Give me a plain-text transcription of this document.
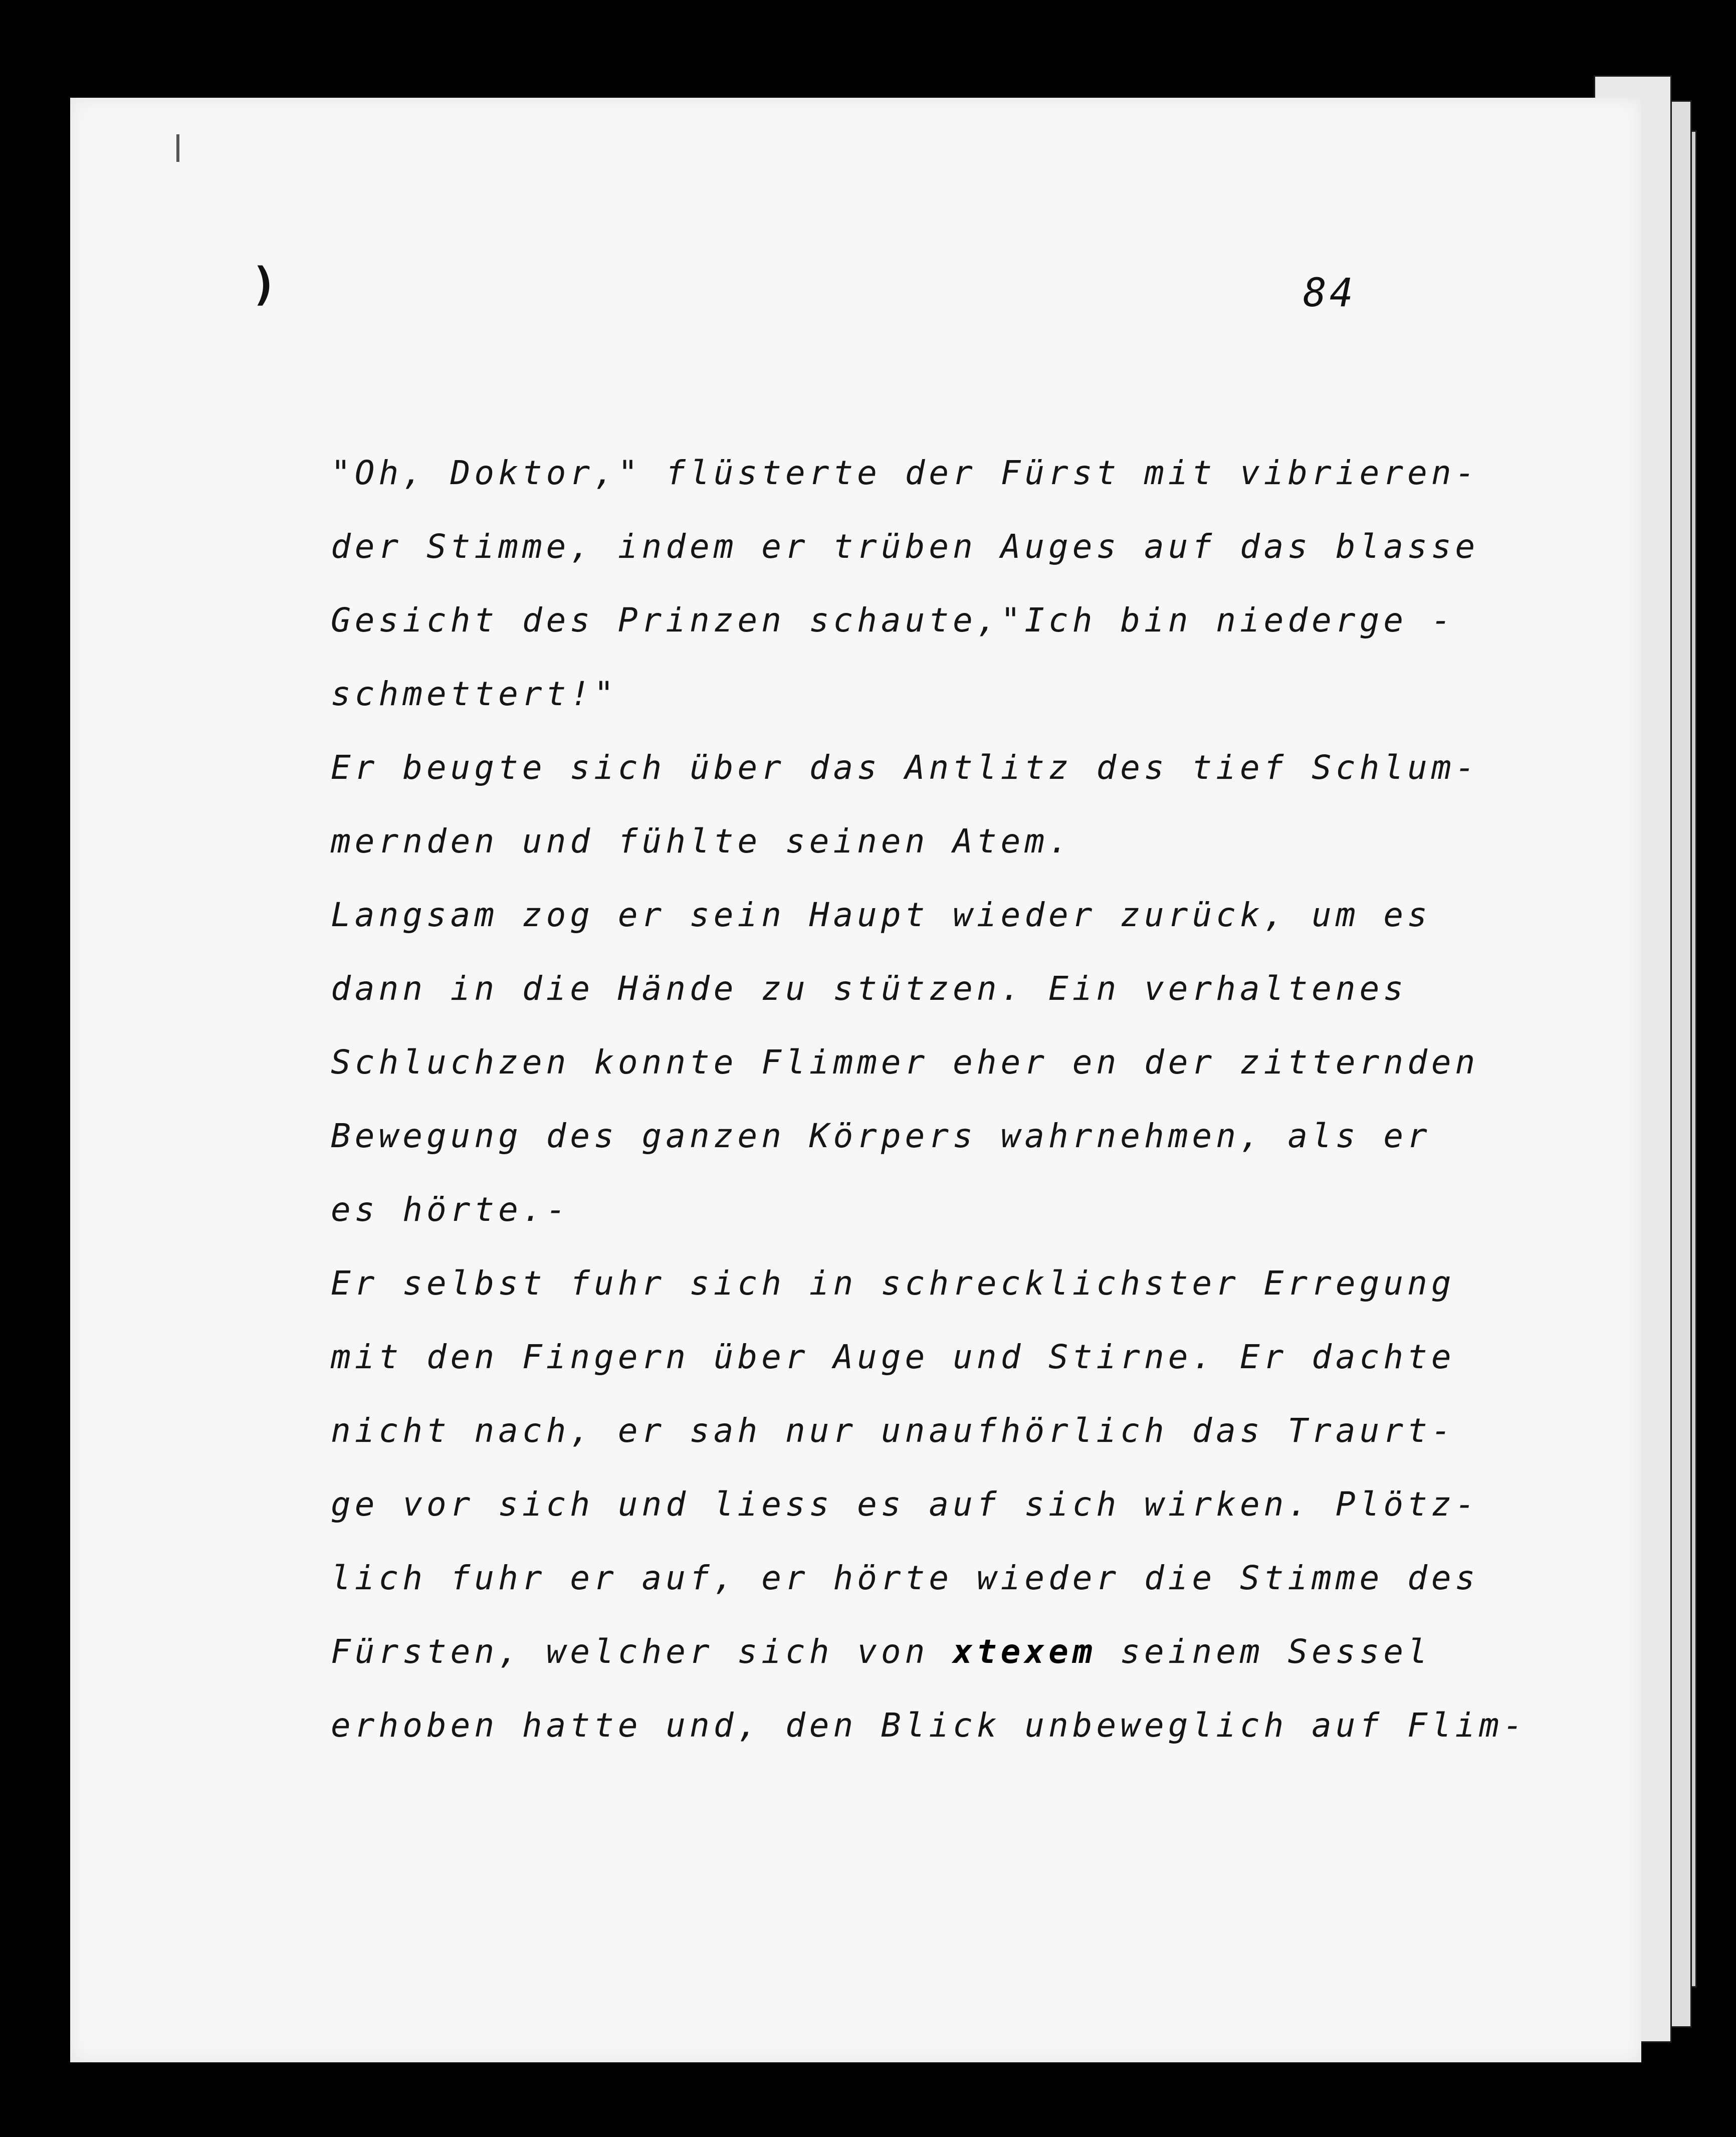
)	84
"Oh, Doktor," flüsterte der Fürst mit vibrieren-
der Stimme, indem er trüben Auges auf das blasse
Gesicht des Prinzen schaute,"Ich bin niederge -
schmettert!"
Er beugte sich über das Antlitz des tief Schlum-
mernden und fühlte seinen Atem.
Langsam zog er sein Haupt wieder zurück, um es
dann in die Hände zu stützen. Ein verhaltenes
Schluchzen konnte Flimmer eher en der zitternden
Bewegung des ganzen Körpers wahrnehmen, als er
es hörte.-
Er selbst fuhr sich in schrecklichster Erregung
mit den Fingern über Auge und Stirne. Er dachte
nicht nach, er sah nur unaufhörlich das Traurt-
ge vor sich und liess es auf sich wirken. Plötz-
lich fuhr er auf, er hörte wieder die Stimme des
Fürsten, welcher sich von xtexem seinem Sessel
erhoben hatte und, den Blick unbeweglich auf Flim-
